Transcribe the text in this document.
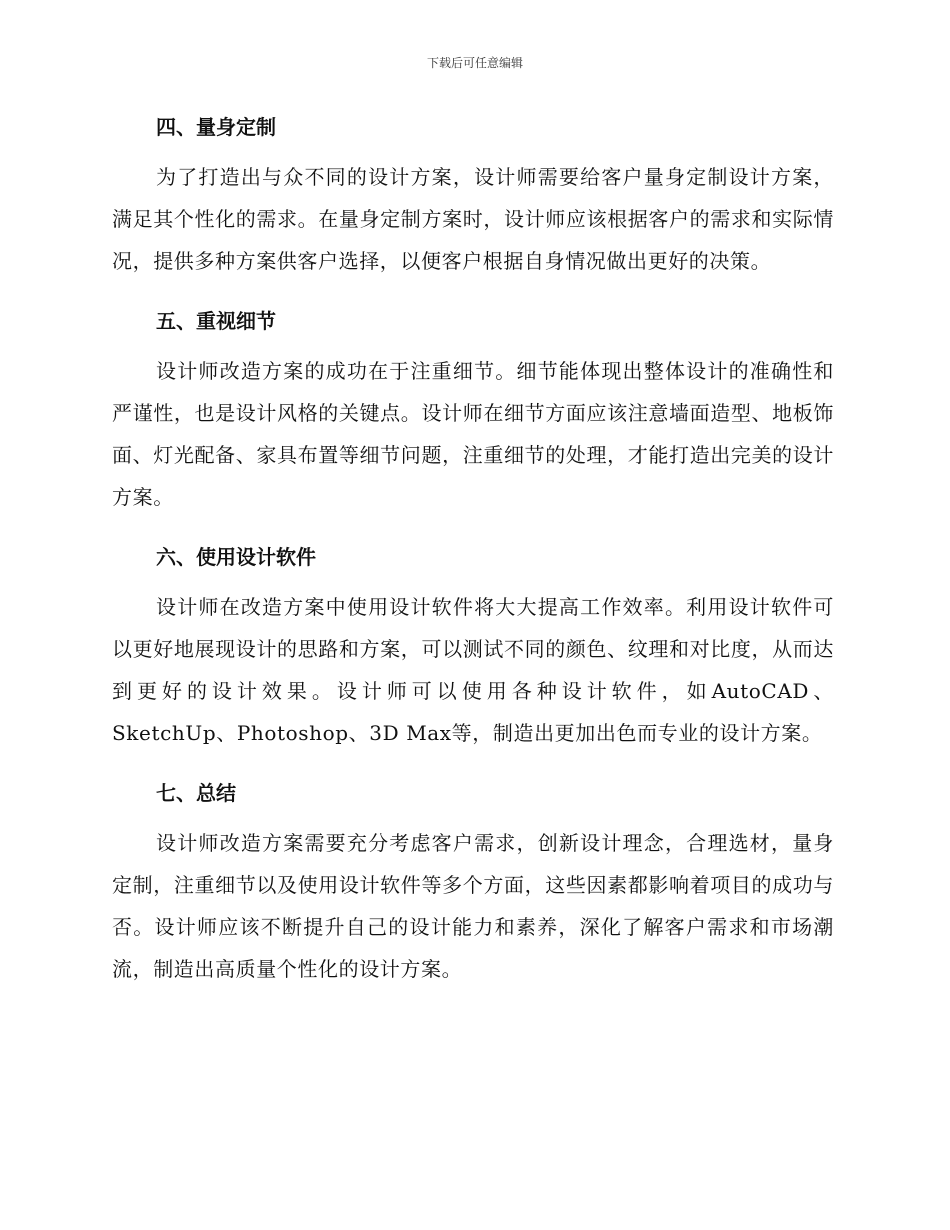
下载后可任意编辑
四、量身定制

为了打造出与众不同的设计方案，设计师需要给客户量身定制设计方案，满足其个性化的需求。在量身定制方案时，设计师应该根据客户的需求和实际情况，提供多种方案供客户选择，以便客户根据自身情况做出更好的决策。

五、重视细节

设计师改造方案的成功在于注重细节。细节能体现出整体设计的准确性和严谨性，也是设计风格的关键点。设计师在细节方面应该注意墙面造型、地板饰面、灯光配备、家具布置等细节问题，注重细节的处理，才能打造出完美的设计方案。

六、使用设计软件

设计师在改造方案中使用设计软件将大大提高工作效率。利用设计软件可以更好地展现设计的思路和方案，可以测试不同的颜色、纹理和对比度，从而达到更好的设计效果。设计师可以使用各种设计软件，如AutoCAD、SketchUp、Photoshop、3D Max等，制造出更加出色而专业的设计方案。

七、总结

设计师改造方案需要充分考虑客户需求，创新设计理念，合理选材，量身定制，注重细节以及使用设计软件等多个方面，这些因素都影响着项目的成功与否。设计师应该不断提升自己的设计能力和素养，深化了解客户需求和市场潮流，制造出高质量个性化的设计方案。
